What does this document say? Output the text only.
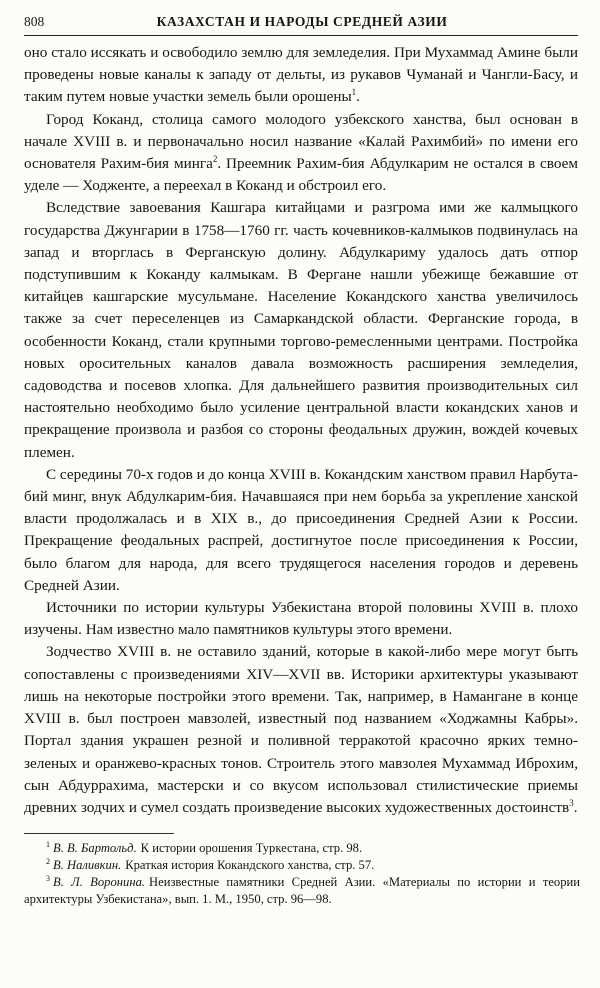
808	КАЗАХСТАН И НАРОДЫ СРЕДНЕЙ АЗИИ

оно стало иссякать и освободило землю для земледелия. При Мухаммад Амине были проведены новые каналы к западу от дельты, из рукавов Чуманай и Чангли-Басу, и таким путем новые участки земель были орошены$^1$.

Город Коканд, столица самого молодого узбекского ханства, был основан в начале XVIII в. и первоначально носил название «Калай Рахимбий» по имени его основателя Рахим-бия минга$^2$. Преемник Рахим-бия Абдулкарим не остался в своем уделе — Ходженте, а переехал в Коканд и обстроил его.

Вследствие завоевания Кашгара китайцами и разгрома ими же калмыцкого государства Джунгарии в 1758—1760 гг. часть кочевников-калмыков подвинулась на запад и вторглась в Ферганскую долину. Абдулкариму удалось дать отпор подступившим к Коканду калмыкам. В Фергане нашли убежище бежавшие от китайцев кашгарские мусульмане. Население Кокандского ханства увеличилось также за счет переселенцев из Самаркандской области. Ферганские города, в особенности Коканд, стали крупными торгово-ремесленными центрами. Постройка новых оросительных каналов давала возможность расширения земледелия, садоводства и посевов хлопка. Для дальнейшего развития производительных сил настоятельно необходимо было усиление центральной власти кокандских ханов и прекращение произвола и разбоя со стороны феодальных дружин, вождей кочевых племен.

С середины 70-х годов и до конца XVIII в. Кокандским ханством правил Нарбута-бий минг, внук Абдулкарим-бия. Начавшаяся при нем борьба за укрепление ханской власти продолжалась и в XIX в., до присоединения Средней Азии к России. Прекращение феодальных распрей, достигнутое после присоединения к России, было благом для народа, для всего трудящегося населения городов и деревень Средней Азии.

Источники по истории культуры Узбекистана второй половины XVIII в. плохо изучены. Нам известно мало памятников культуры этого времени.

Зодчество XVIII в. не оставило зданий, которые в какой-либо мере могут быть сопоставлены с произведениями XIV—XVII вв. Историки архитектуры указывают лишь на некоторые постройки этого времени. Так, например, в Намангане в конце XVIII в. был построен мавзолей, известный под названием «Ходжамны Кабры». Портал здания украшен резной и поливной терракотой красочно ярких темно-зеленых и оранжево-красных тонов. Строитель этого мавзолея Мухаммад Иброхим, сын Абдуррахима, мастерски и со вкусом использовал стилистические приемы древних зодчих и сумел создать произведение высоких художественных достоинств$^3$.

$^1$ В. В. Бартольд. К истории орошения Туркестана, стр. 98.

$^2$ В. Наливкин. Краткая история Кокандского ханства, стр. 57.

$^3$ В. Л. Воронина. Неизвестные памятники Средней Азии. «Материалы по истории и теории архитектуры Узбекистана», вып. 1. М., 1950, стр. 96—98.
